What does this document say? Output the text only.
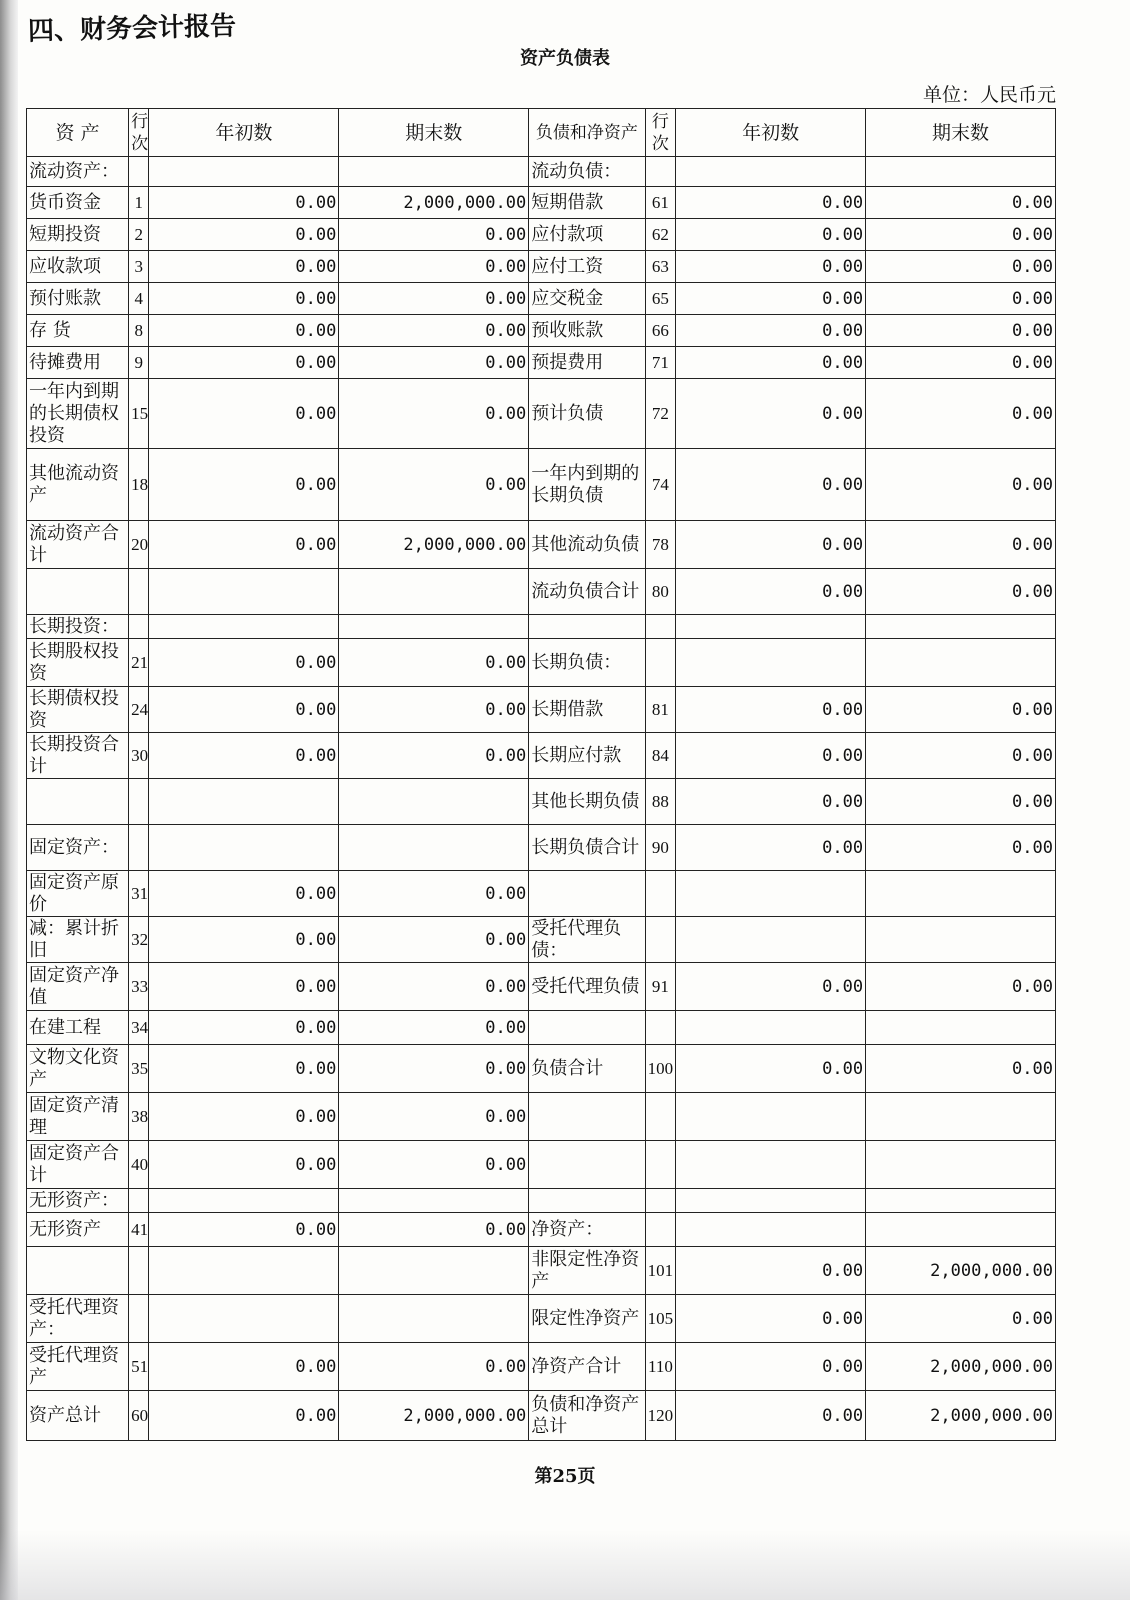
四、财务会计报告
资产负债表
单位：人民币元
资 产	行次	年初数	期末数	负债和净资产	行次	年初数	期末数
流动资产：				流动负债：			
货币资金	1	0.00	2,000,000.00	短期借款	61	0.00	0.00
短期投资	2	0.00	0.00	应付款项	62	0.00	0.00
应收款项	3	0.00	0.00	应付工资	63	0.00	0.00
预付账款	4	0.00	0.00	应交税金	65	0.00	0.00
存 货	8	0.00	0.00	预收账款	66	0.00	0.00
待摊费用	9	0.00	0.00	预提费用	71	0.00	0.00
一年内到期的长期债权投资	15	0.00	0.00	预计负债	72	0.00	0.00
其他流动资产	18	0.00	0.00	一年内到期的长期负债	74	0.00	0.00
流动资产合计	20	0.00	2,000,000.00	其他流动负债	78	0.00	0.00
				流动负债合计	80	0.00	0.00
长期投资：							
长期股权投资	21	0.00	0.00	长期负债：			
长期债权投资	24	0.00	0.00	长期借款	81	0.00	0.00
长期投资合计	30	0.00	0.00	长期应付款	84	0.00	0.00
				其他长期负债	88	0.00	0.00
固定资产：				长期负债合计	90	0.00	0.00
固定资产原价	31	0.00	0.00				
减：累计折旧	32	0.00	0.00	受托代理负债：			
固定资产净值	33	0.00	0.00	受托代理负债	91	0.00	0.00
在建工程	34	0.00	0.00				
文物文化资产	35	0.00	0.00	负债合计	100	0.00	0.00
固定资产清理	38	0.00	0.00				
固定资产合计	40	0.00	0.00				
无形资产：							
无形资产	41	0.00	0.00	净资产：			
				非限定性净资产	101	0.00	2,000,000.00
受托代理资产：				限定性净资产	105	0.00	0.00
受托代理资产	51	0.00	0.00	净资产合计	110	0.00	2,000,000.00
资产总计	60	0.00	2,000,000.00	负债和净资产总计	120	0.00	2,000,000.00
第25页
